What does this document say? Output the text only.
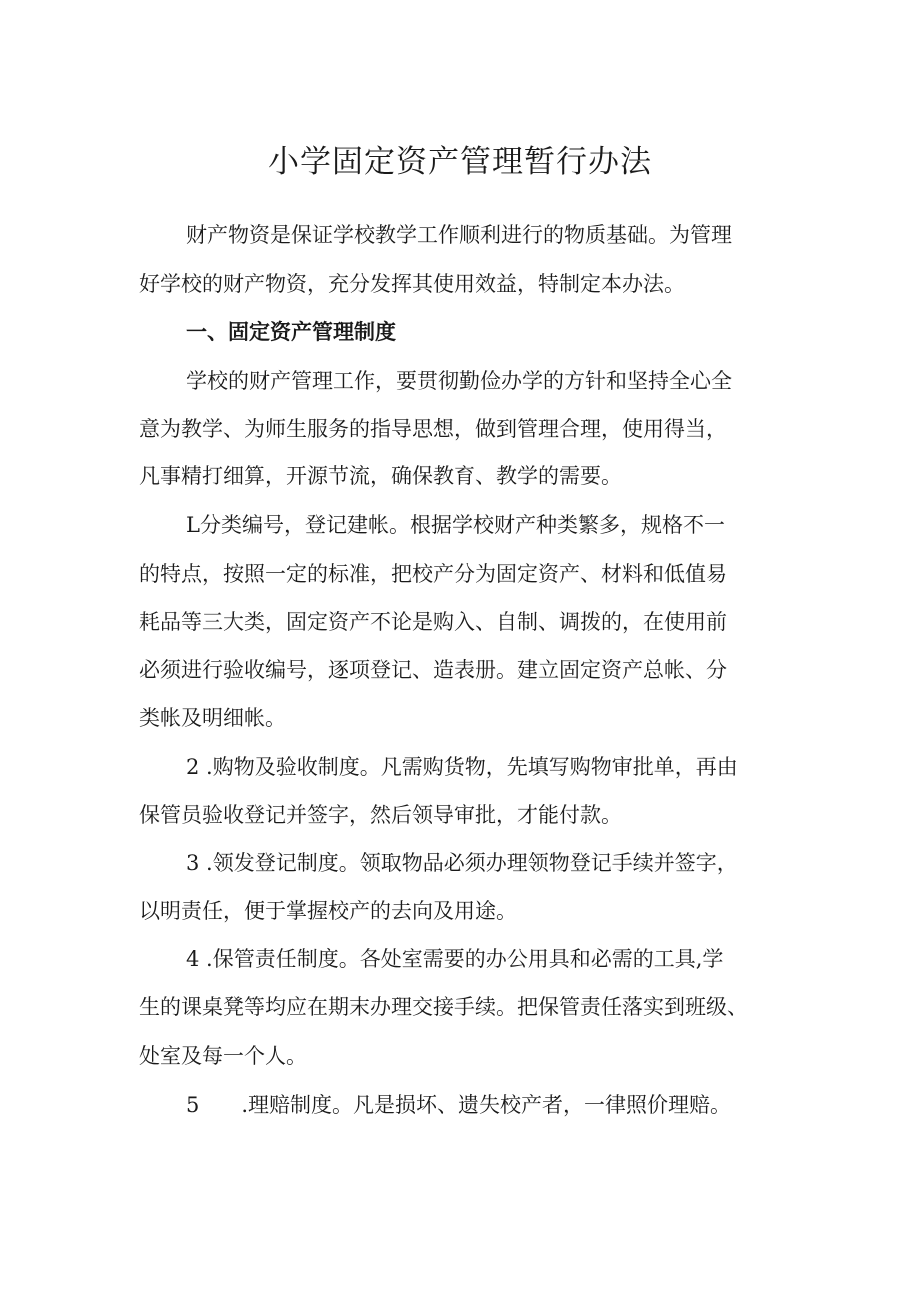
小学固定资产管理暂行办法
财产物资是保证学校教学工作顺利进行的物质基础。为管理
好学校的财产物资，充分发挥其使用效益，特制定本办法。
一、固定资产管理制度
学校的财产管理工作，要贯彻勤俭办学的方针和坚持全心全
意为教学、为师生服务的指导思想，做到管理合理，使用得当，
凡事精打细算，开源节流，确保教育、教学的需要。
L分类编号，登记建帐。根据学校财产种类繁多，规格不一
的特点，按照一定的标准，把校产分为固定资产、材料和低值易
耗品等三大类，固定资产不论是购入、自制、调拨的，在使用前
必须进行验收编号，逐项登记、造表册。建立固定资产总帐、分
类帐及明细帐。
2 .购物及验收制度。凡需购货物，先填写购物审批单，再由
保管员验收登记并签字，然后领导审批，才能付款。
3 .领发登记制度。领取物品必须办理领物登记手续并签字，
以明责任，便于掌握校产的去向及用途。
4 .保管责任制度。各处室需要的办公用具和必需的工具,学
生的课桌凳等均应在期末办理交接手续。把保管责任落实到班级、
处室及每一个人。
5　　.理赔制度。凡是损坏、遗失校产者，一律照价理赔。
